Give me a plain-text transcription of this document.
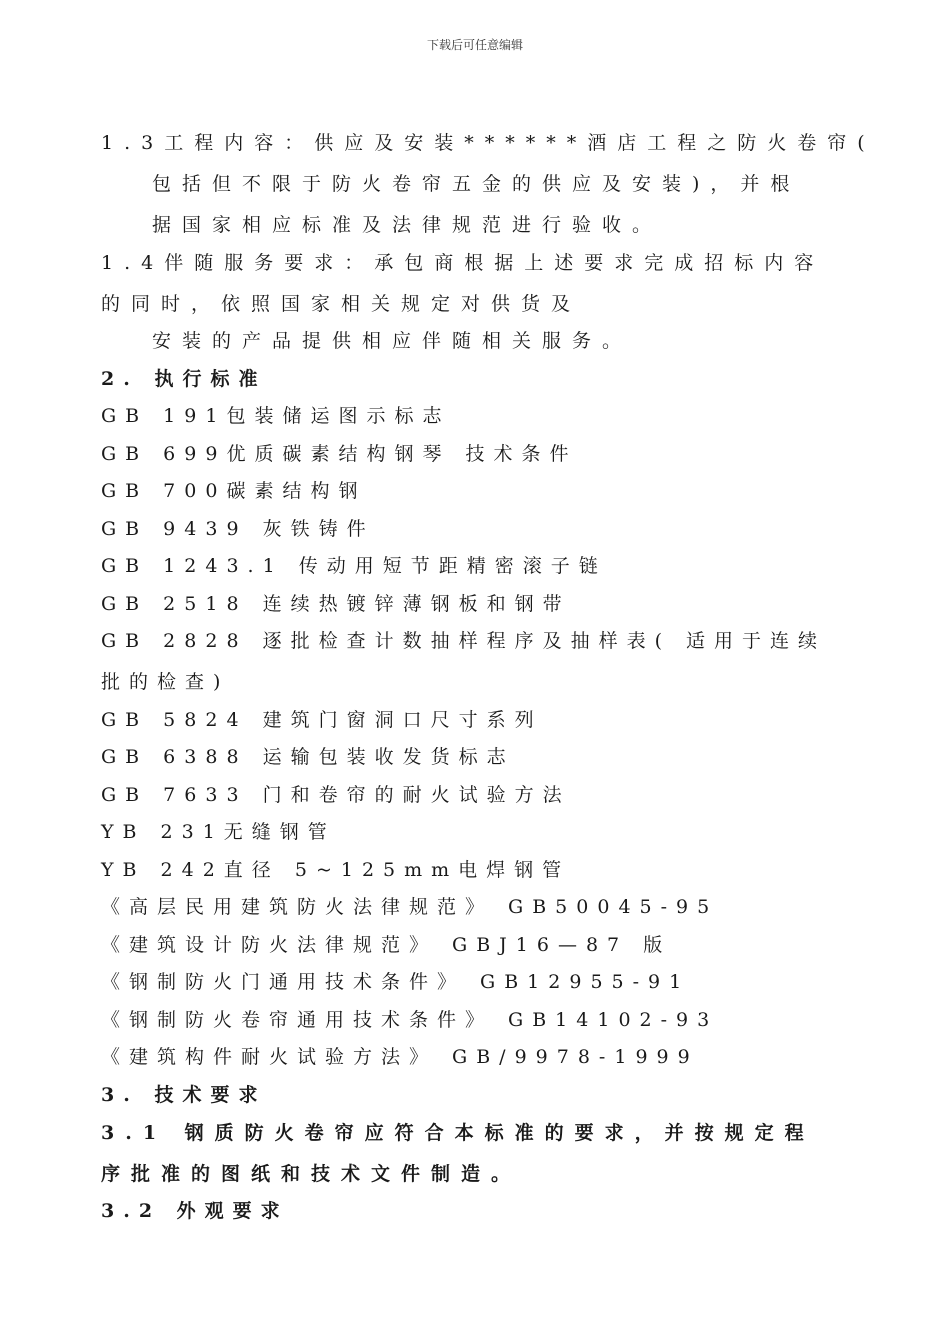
下载后可任意编辑
1.3工程内容：供应及安装******酒店工程之防火卷帘(
包括但不限于防火卷帘五金的供应及安装)，并根
据国家相应标准及法律规范进行验收。
1.4伴随服务要求：承包商根据上述要求完成招标内容
的同时，依照国家相关规定对供货及
安装的产品提供相应伴随相关服务。
2. 执行标准
GB 191包装储运图示标志
GB 699优质碳素结构钢琴 技术条件
GB 700碳素结构钢
GB 9439 灰铁铸件
GB 1243.1 传动用短节距精密滚子链
GB 2518 连续热镀锌薄钢板和钢带
GB 2828 逐批检查计数抽样程序及抽样表( 适用于连续
批的检查)
GB 5824 建筑门窗洞口尺寸系列
GB 6388 运输包装收发货标志
GB 7633 门和卷帘的耐火试验方法
YB 231无缝钢管
YB 242直径 5~125mm电焊钢管
《高层民用建筑防火法律规范》 GB50045-95
《建筑设计防火法律规范》 GBJ16—87 版
《钢制防火门通用技术条件》 GB12955-91
《钢制防火卷帘通用技术条件》 GB14102-93
《建筑构件耐火试验方法》 GB/9978-1999
3. 技术要求
3.1 钢质防火卷帘应符合本标准的要求，并按规定程
序批准的图纸和技术文件制造。
3.2 外观要求
